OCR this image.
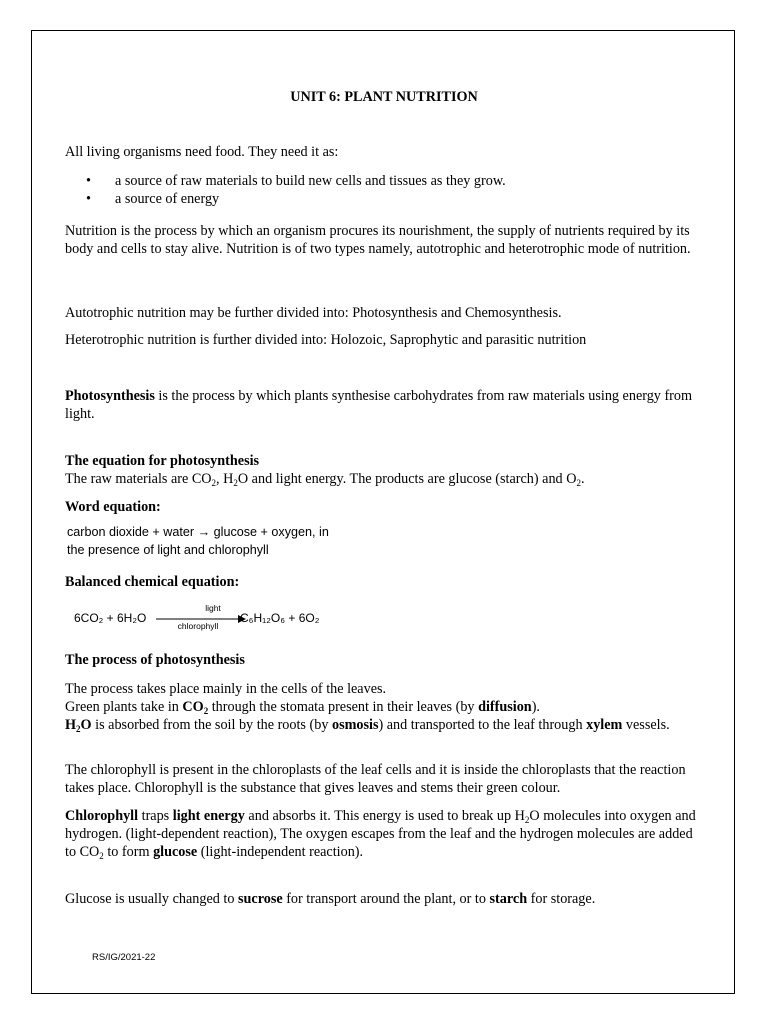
UNIT 6: PLANT NUTRITION

All living organisms need food. They need it as:

• a source of raw materials to build new cells and tissues as they grow.
• a source of energy

Nutrition is the process by which an organism procures its nourishment, the supply of nutrients required by its body and cells to stay alive. Nutrition is of two types namely, autotrophic and heterotrophic mode of nutrition.

Autotrophic nutrition may be further divided into: Photosynthesis and Chemosynthesis.

Heterotrophic nutrition is further divided into: Holozoic, Saprophytic and parasitic nutrition

Photosynthesis is the process by which plants synthesise carbohydrates from raw materials using energy from light.

The equation for photosynthesis

The raw materials are $CO_2$, $H_2O$ and light energy. The products are glucose (starch) and $O_2$.

Word equation:

carbon dioxide + water → glucose + oxygen, in
the presence of light and chlorophyll

Balanced chemical equation:

6CO₂ + 6H₂O
light
chlorophyll
C₆H₁₂O₆ + 6O₂

The process of photosynthesis

The process takes place mainly in the cells of the leaves.
Green plants take in $CO_2$ through the stomata present in their leaves (by diffusion).
$H_2O$ is absorbed from the soil by the roots (by osmosis) and transported to the leaf through xylem vessels.

The chlorophyll is present in the chloroplasts of the leaf cells and it is inside the chloroplasts that the reaction takes place. Chlorophyll is the substance that gives leaves and stems their green colour.

Chlorophyll traps light energy and absorbs it. This energy is used to break up $H_2O$ molecules into oxygen and hydrogen. (light-dependent reaction), The oxygen escapes from the leaf and the hydrogen molecules are added to $CO_2$ to form glucose (light-independent reaction).

Glucose is usually changed to sucrose for transport around the plant, or to starch for storage.

RS/IG/2021-22
